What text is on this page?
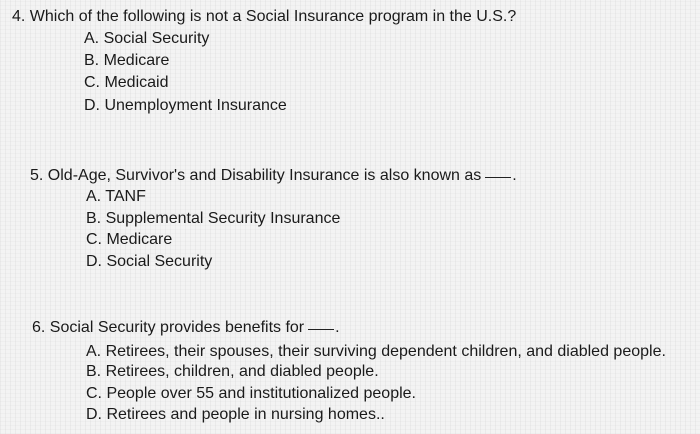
4. Which of the following is not a Social Insurance program in the U.S.?
A. Social Security
B. Medicare
C. Medicaid
D. Unemployment Insurance
5. Old-Age, Survivor's and Disability Insurance is also known as .
A. TANF
B. Supplemental Security Insurance
C. Medicare
D. Social Security
6. Social Security provides benefits for .
A. Retirees, their spouses, their surviving dependent children, and diabled people.
B. Retirees, children, and diabled people.
C. People over 55 and institutionalized people.
D. Retirees and people in nursing homes..
